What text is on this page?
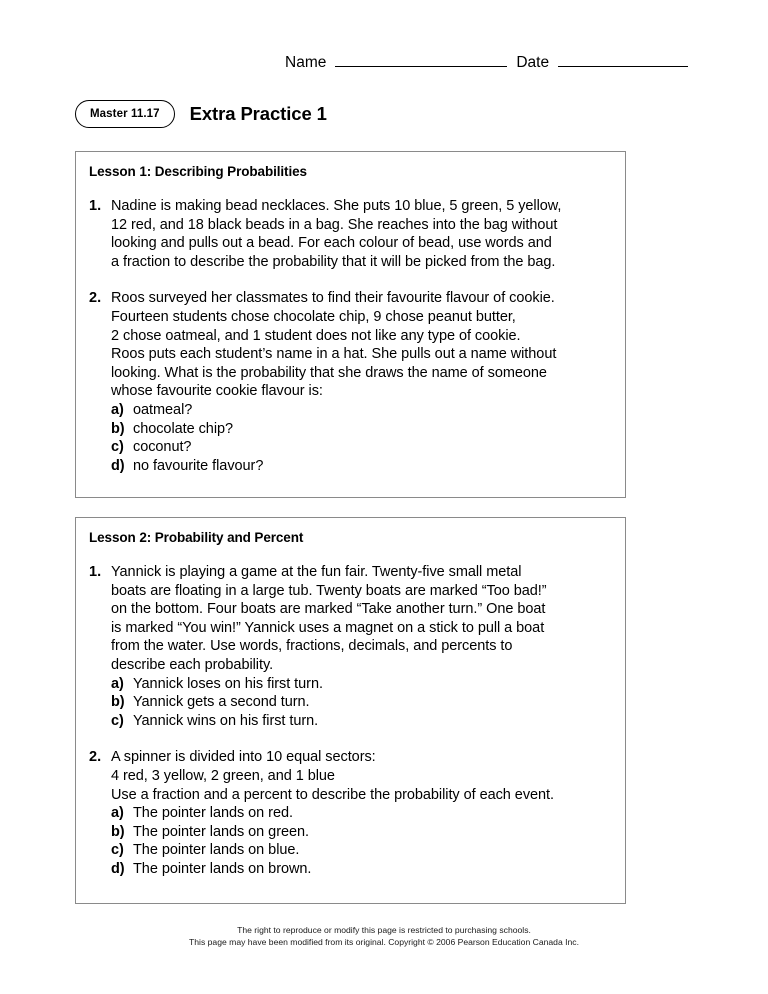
Name	Date
Master 11.17	Extra Practice 1
Lesson 1: Describing Probabilities
1. Nadine is making bead necklaces. She puts 10 blue, 5 green, 5 yellow,
12 red, and 18 black beads in a bag. She reaches into the bag without
looking and pulls out a bead. For each colour of bead, use words and
a fraction to describe the probability that it will be picked from the bag.
2. Roos surveyed her classmates to find their favourite flavour of cookie.
Fourteen students chose chocolate chip, 9 chose peanut butter,
2 chose oatmeal, and 1 student does not like any type of cookie.
Roos puts each student’s name in a hat. She pulls out a name without
looking. What is the probability that she draws the name of someone
whose favourite cookie flavour is:
a) oatmeal?
b) chocolate chip?
c) coconut?
d) no favourite flavour?
Lesson 2: Probability and Percent
1. Yannick is playing a game at the fun fair. Twenty-five small metal
boats are floating in a large tub. Twenty boats are marked “Too bad!”
on the bottom. Four boats are marked “Take another turn.” One boat
is marked “You win!” Yannick uses a magnet on a stick to pull a boat
from the water. Use words, fractions, decimals, and percents to
describe each probability.
a) Yannick loses on his first turn.
b) Yannick gets a second turn.
c) Yannick wins on his first turn.
2. A spinner is divided into 10 equal sectors:
4 red, 3 yellow, 2 green, and 1 blue
Use a fraction and a percent to describe the probability of each event.
a) The pointer lands on red.
b) The pointer lands on green.
c) The pointer lands on blue.
d) The pointer lands on brown.
The right to reproduce or modify this page is restricted to purchasing schools.
This page may have been modified from its original. Copyright © 2006 Pearson Education Canada Inc.
